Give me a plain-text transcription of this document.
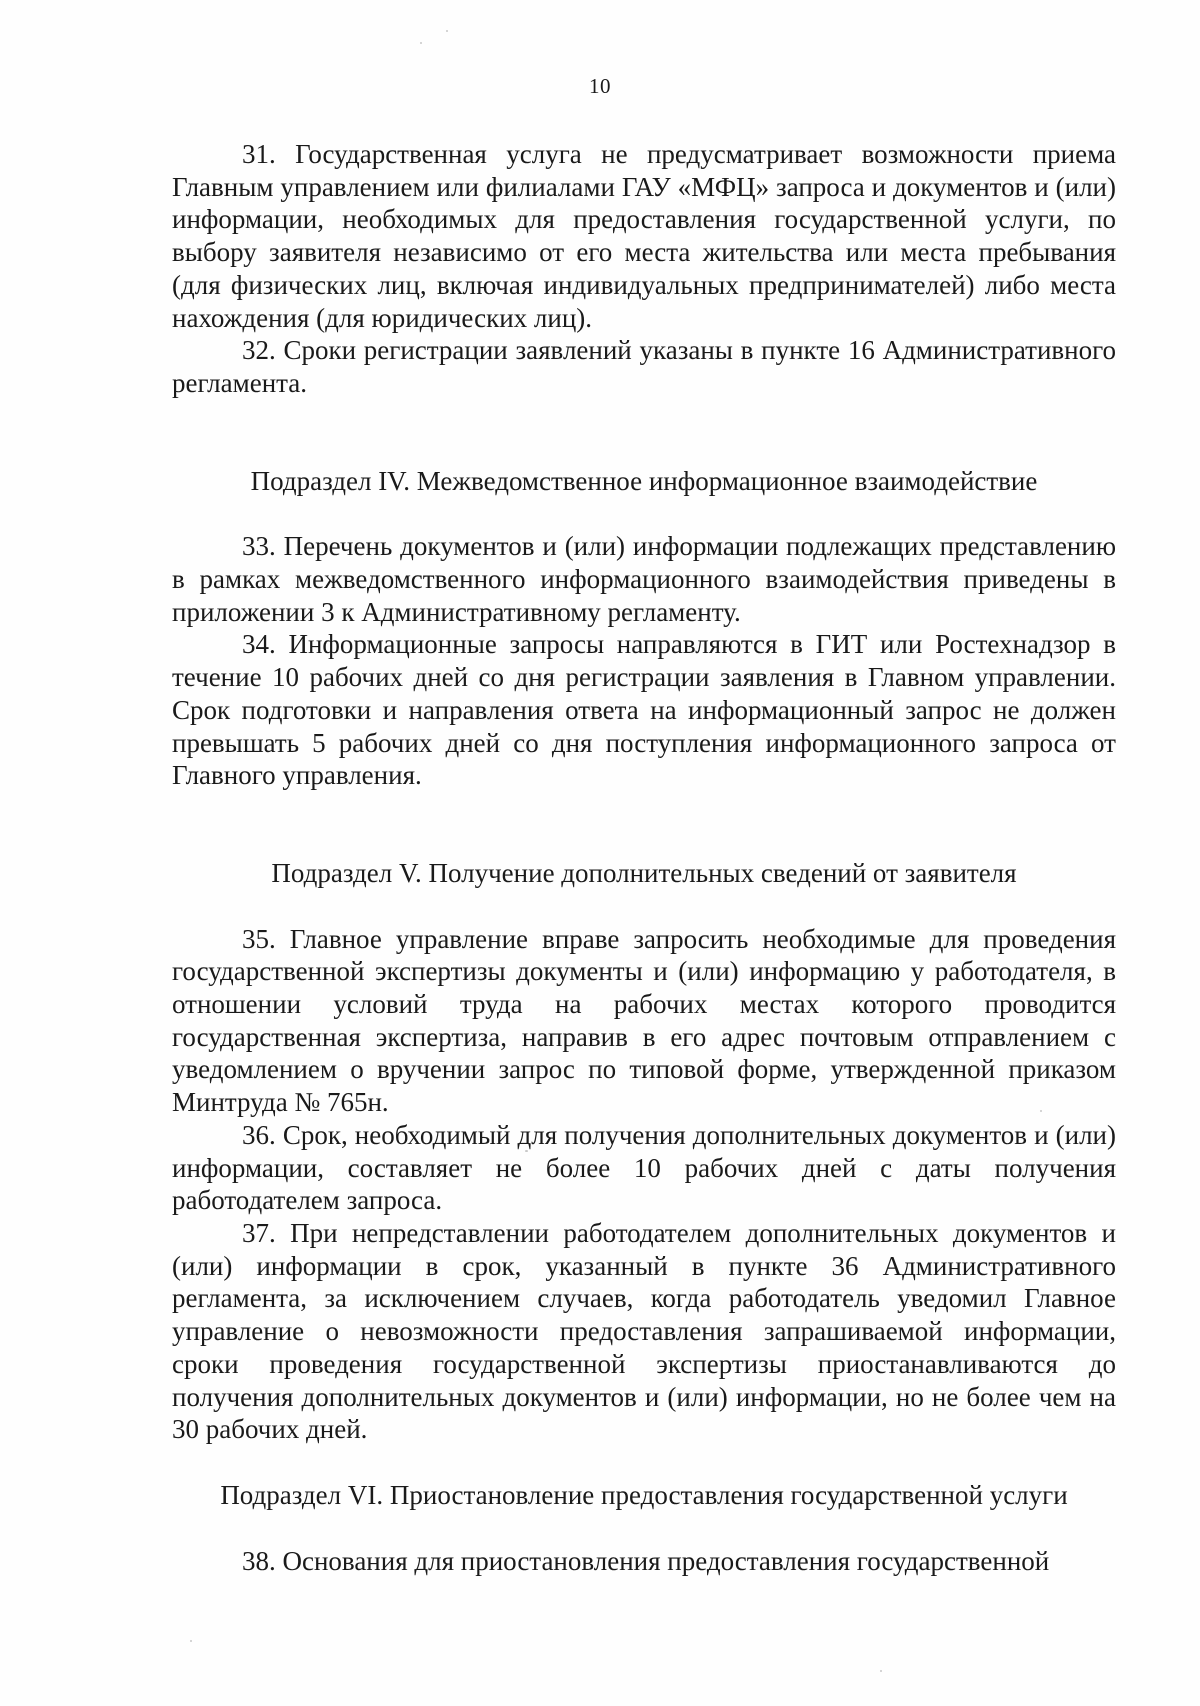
10

31. Государственная услуга не предусматривает возможности приема Главным управлением или филиалами ГАУ «МФЦ» запроса и документов и (или) информации, необходимых для предоставления государственной услуги, по выбору заявителя независимо от его места жительства или места пребывания (для физических лиц, включая индивидуальных предпринимателей) либо места нахождения (для юридических лиц).

32. Сроки регистрации заявлений указаны в пункте 16 Административного регламента.

Подраздел IV. Межведомственное информационное взаимодействие

33. Перечень документов и (или) информации подлежащих представлению в рамках межведомственного информационного взаимодействия приведены в приложении 3 к Административному регламенту.

34. Информационные запросы направляются в ГИТ или Ростехнадзор в течение 10 рабочих дней со дня регистрации заявления в Главном управлении. Срок подготовки и направления ответа на информационный запрос не должен превышать 5 рабочих дней со дня поступления информационного запроса от Главного управления.

Подраздел V. Получение дополнительных сведений от заявителя

35. Главное управление вправе запросить необходимые для проведения государственной экспертизы документы и (или) информацию у работодателя, в отношении условий труда на рабочих местах которого проводится государственная экспертиза, направив в его адрес почтовым отправлением с уведомлением о вручении запрос по типовой форме, утвержденной приказом Минтруда № 765н.

36. Срок, необходимый для получения дополнительных документов и (или) информации, составляет не более 10 рабочих дней с даты получения работодателем запроса.

37. При непредставлении работодателем дополнительных документов и (или) информации в срок, указанный в пункте 36 Административного регламента, за исключением случаев, когда работодатель уведомил Главное управление о невозможности предоставления запрашиваемой информации, сроки проведения государственной экспертизы приостанавливаются до получения дополнительных документов и (или) информации, но не более чем на 30 рабочих дней.

Подраздел VI. Приостановление предоставления государственной услуги

38. Основания для приостановления предоставления государственной
